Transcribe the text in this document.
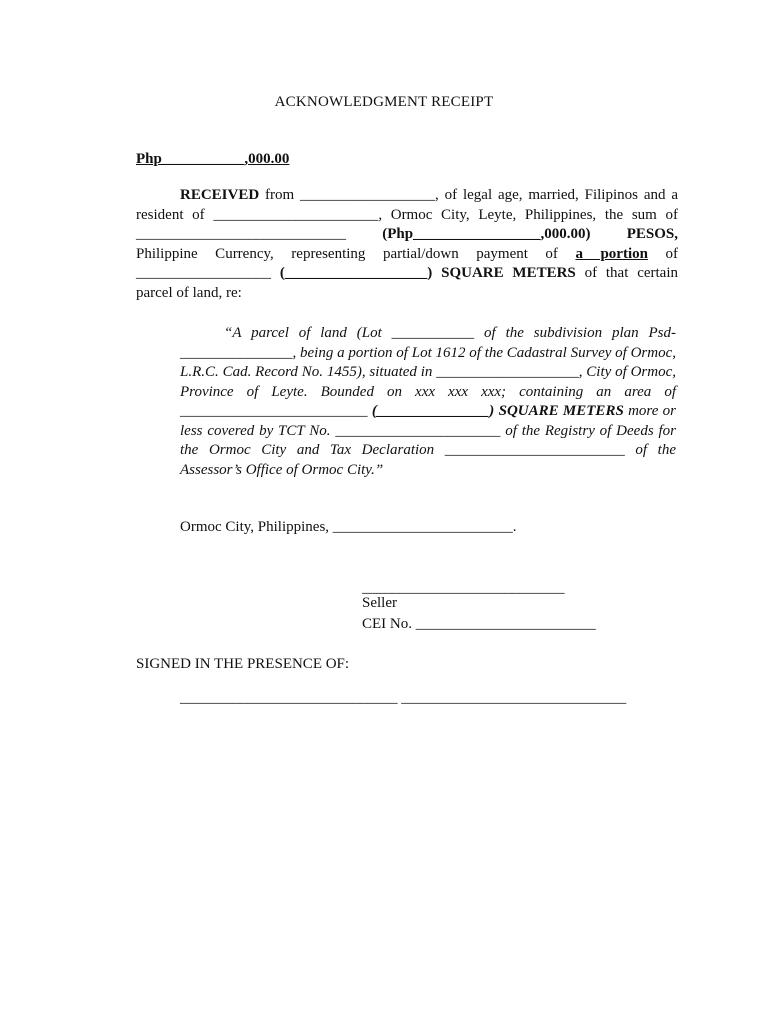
ACKNOWLEDGMENT RECEIPT
Php___________,000.00
RECEIVED from __________________, of legal age, married, Filipinos and a resident of ______________________, Ormoc City, Leyte, Philippines, the sum of ____________________________ (Php_________________,000.00) PESOS, Philippine Currency, representing partial/down payment of a portion of __________________ (___________________) SQUARE METERS of that certain parcel of land, re:
“A parcel of land (Lot ___________ of the subdivision plan Psd-_______________, being a portion of Lot 1612 of the Cadastral Survey of Ormoc, L.R.C. Cad. Record No. 1455), situated in ___________________, City of Ormoc, Province of Leyte. Bounded on xxx xxx xxx; containing an area of _________________________ (_______________) SQUARE METERS more or less covered by TCT No. ______________________ of the Registry of Deeds for the Ormoc City and Tax Declaration ________________________ of the Assessor’s Office of Ormoc City.”
Ormoc City, Philippines, ________________________.
___________________________
Seller
CEI No. ________________________
SIGNED IN THE PRESENCE OF:
_____________________________ ______________________________
